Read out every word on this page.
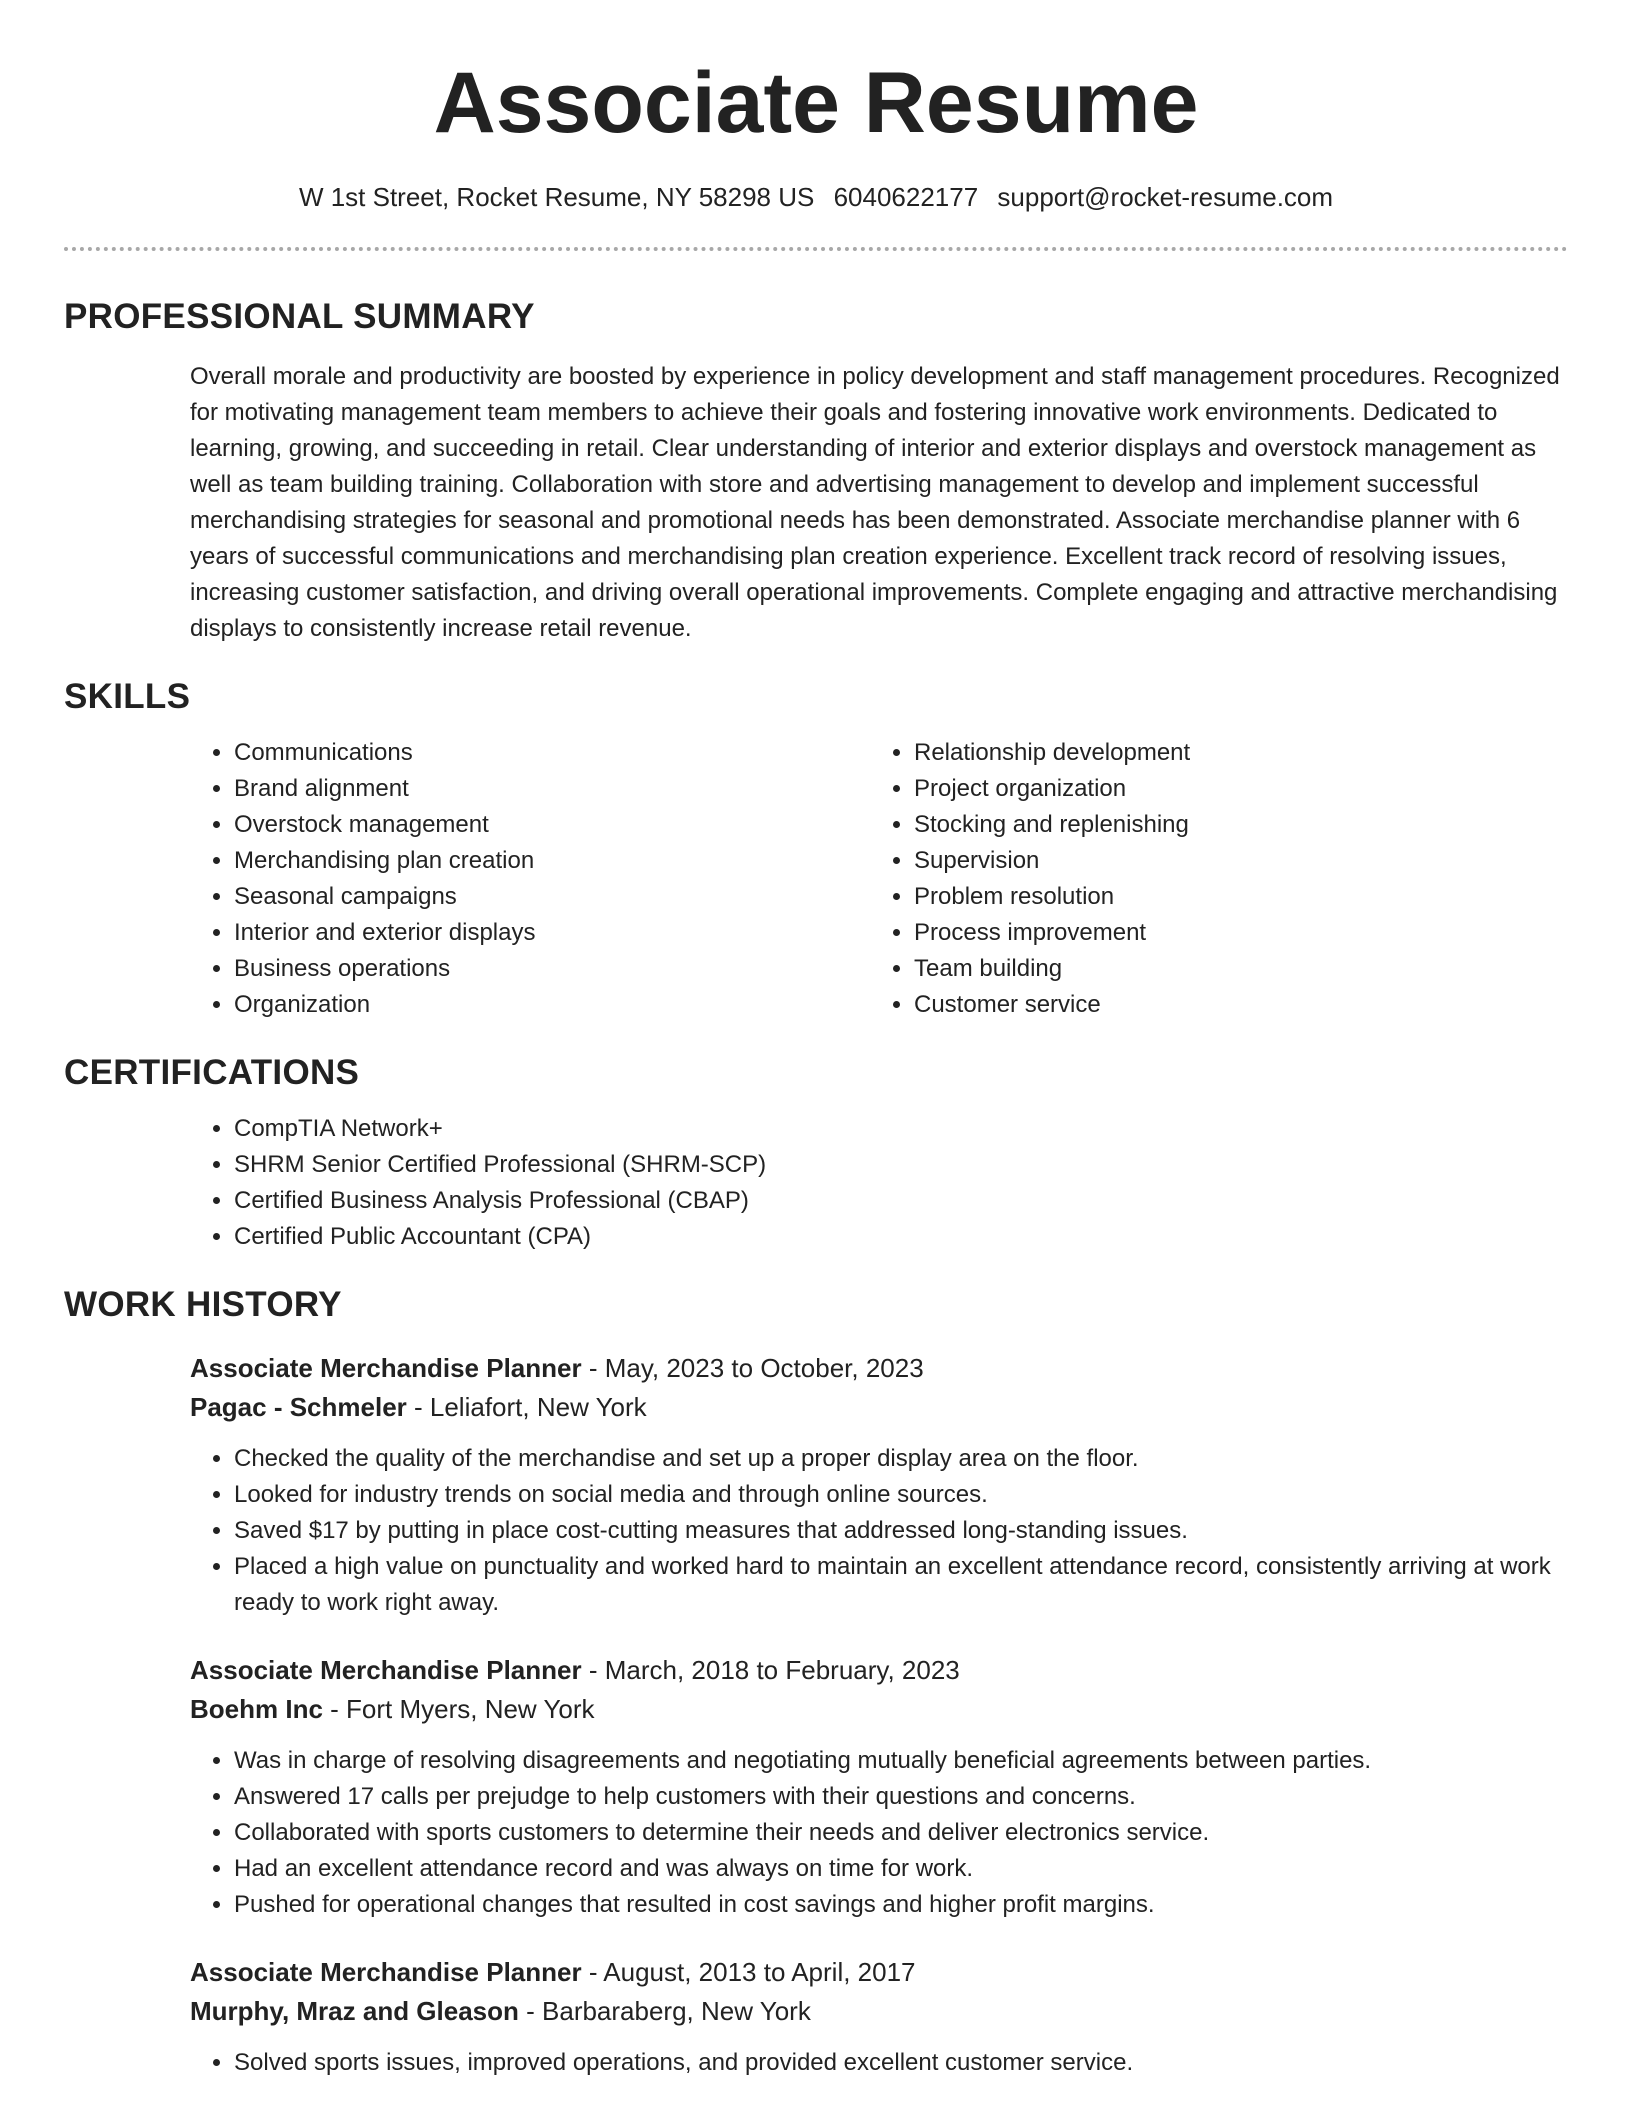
Associate Resume
W 1st Street, Rocket Resume, NY 58298 US 6040622177 support@rocket-resume.com
PROFESSIONAL SUMMARY

Overall morale and productivity are boosted by experience in policy development and staff management procedures. Recognized for motivating management team members to achieve their goals and fostering innovative work environments. Dedicated to learning, growing, and succeeding in retail. Clear understanding of interior and exterior displays and overstock management as well as team building training. Collaboration with store and advertising management to develop and implement successful merchandising strategies for seasonal and promotional needs has been demonstrated. Associate merchandise planner with 6 years of successful communications and merchandising plan creation experience. Excellent track record of resolving issues, increasing customer satisfaction, and driving overall operational improvements. Complete engaging and attractive merchandising displays to consistently increase retail revenue.

SKILLS
• Communications
• Brand alignment
• Overstock management
• Merchandising plan creation
• Seasonal campaigns
• Interior and exterior displays
• Business operations
• Organization
• Relationship development
• Project organization
• Stocking and replenishing
• Supervision
• Problem resolution
• Process improvement
• Team building
• Customer service
CERTIFICATIONS
• CompTIA Network+
• SHRM Senior Certified Professional (SHRM-SCP)
• Certified Business Analysis Professional (CBAP)
• Certified Public Accountant (CPA)
WORK HISTORY
Associate Merchandise Planner - May, 2023 to October, 2023
Pagac - Schmeler - Leliafort, New York
• Checked the quality of the merchandise and set up a proper display area on the floor.
• Looked for industry trends on social media and through online sources.
• Saved $17 by putting in place cost-cutting measures that addressed long-standing issues.
• Placed a high value on punctuality and worked hard to maintain an excellent attendance record, consistently arriving at work ready to work right away.
Associate Merchandise Planner - March, 2018 to February, 2023
Boehm Inc - Fort Myers, New York
• Was in charge of resolving disagreements and negotiating mutually beneficial agreements between parties.
• Answered 17 calls per prejudge to help customers with their questions and concerns.
• Collaborated with sports customers to determine their needs and deliver electronics service.
• Had an excellent attendance record and was always on time for work.
• Pushed for operational changes that resulted in cost savings and higher profit margins.
Associate Merchandise Planner - August, 2013 to April, 2017
Murphy, Mraz and Gleason - Barbaraberg, New York
• Solved sports issues, improved operations, and provided excellent customer service.
